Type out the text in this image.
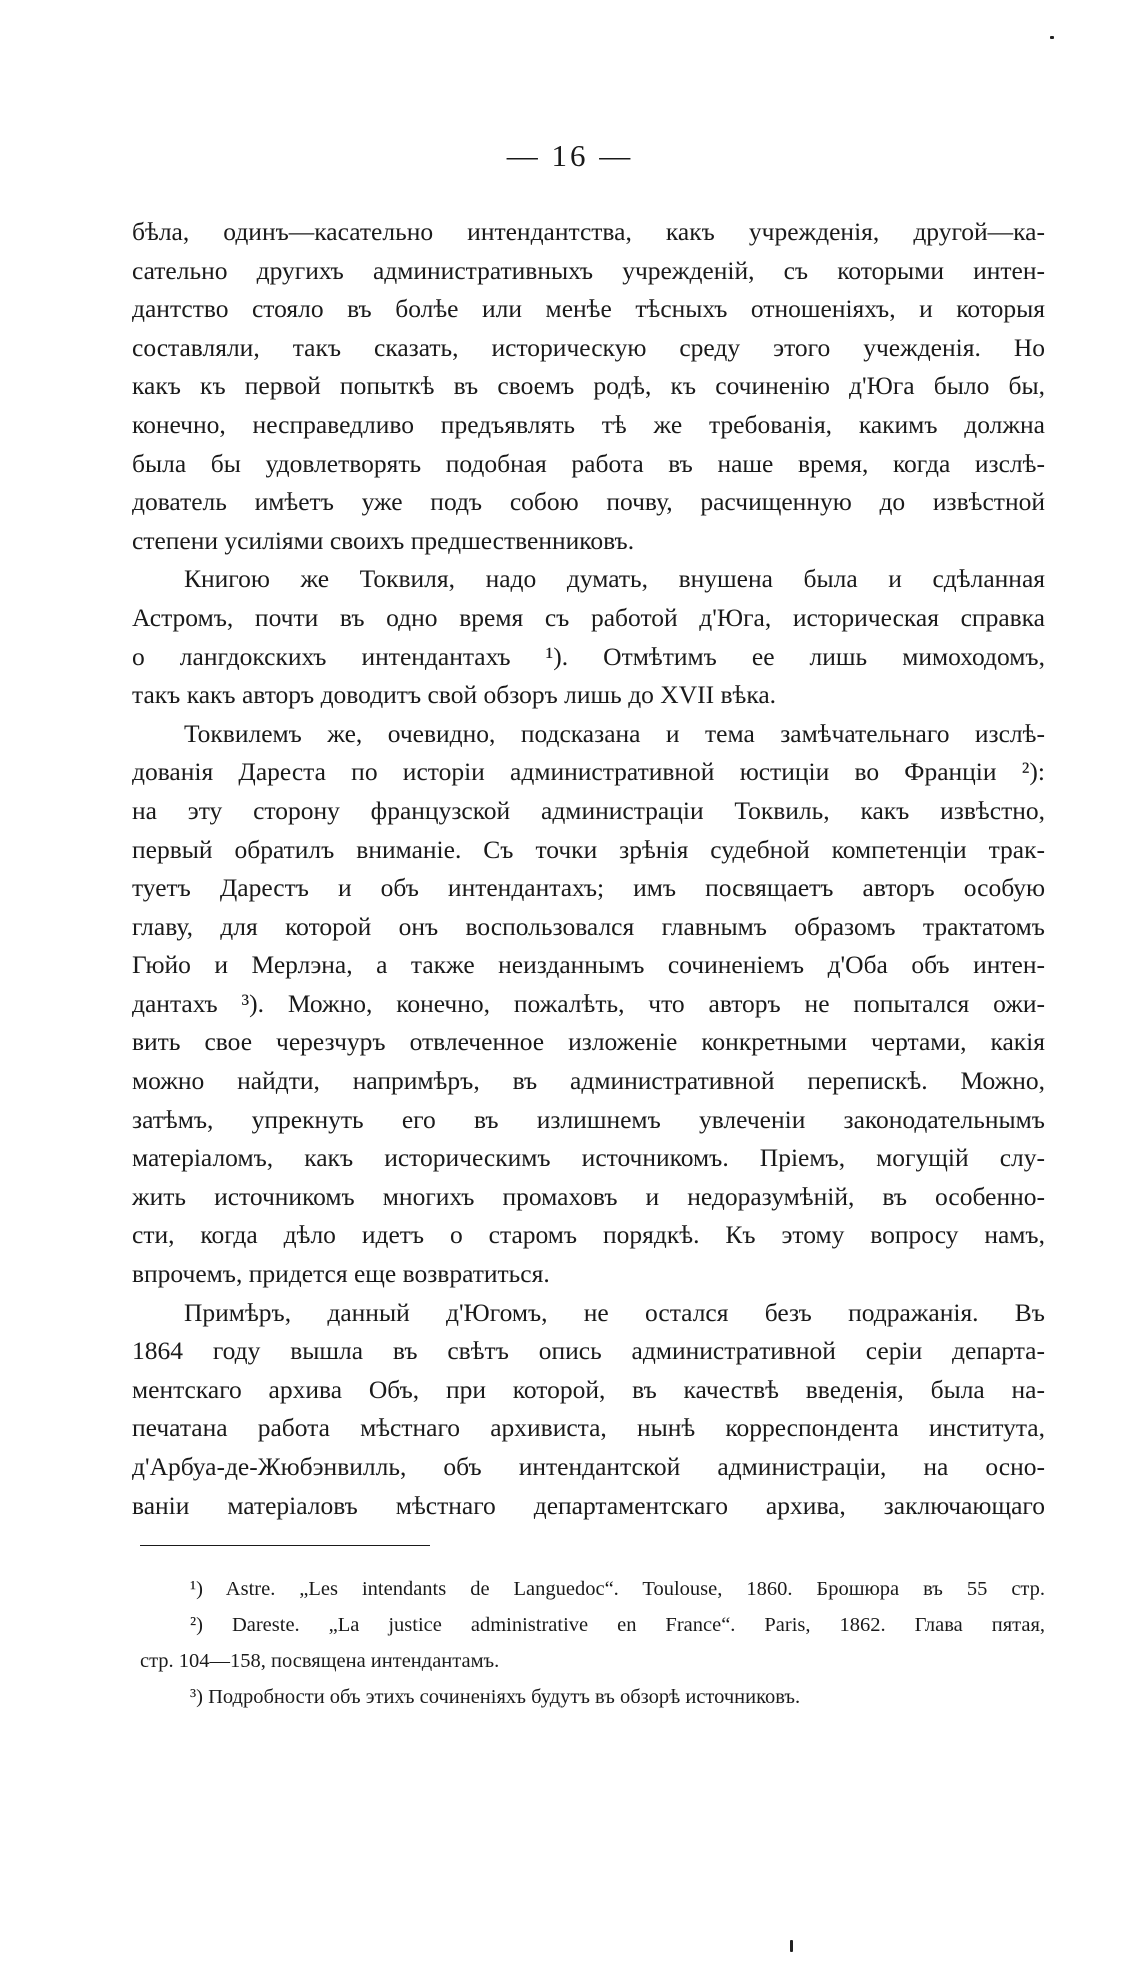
— 16 —
бѣла, одинъ—касательно интендантства, какъ учрежденія, другой—ка-
сательно другихъ административныхъ учрежденій, съ которыми интен-
дантство стояло въ болѣе или менѣе тѣсныхъ отношеніяхъ, и которыя
составляли, такъ сказать, историческую среду этого учежденія. Но
какъ къ первой попыткѣ въ своемъ родѣ, къ сочиненію д'Юга было бы,
конечно, несправедливо предъявлять тѣ же требованія, какимъ должна
была бы удовлетворять подобная работа въ наше время, когда изслѣ-
дователь имѣетъ уже подъ собою почву, расчищенную до извѣстной
степени усиліями своихъ предшественниковъ.
Книгою же Токвиля, надо думать, внушена была и сдѣланная
Астромъ, почти въ одно время съ работой д'Юга, историческая справка
о лангдокскихъ интендантахъ ¹). Отмѣтимъ ее лишь мимоходомъ,
такъ какъ авторъ доводитъ свой обзоръ лишь до XVII вѣка.
Токвилемъ же, очевидно, подсказана и тема замѣчательнаго изслѣ-
дованія Дареста по исторіи административной юстиціи во Франціи ²):
на эту сторону французской администраціи Токвиль, какъ извѣстно,
первый обратилъ вниманіе. Съ точки зрѣнія судебной компетенціи трак-
туетъ Дарестъ и объ интендантахъ; имъ посвящаетъ авторъ особую
главу, для которой онъ воспользовался главнымъ образомъ трактатомъ
Гюйо и Мерлэна, а также неизданнымъ сочиненіемъ д'Оба объ интен-
дантахъ ³). Можно, конечно, пожалѣть, что авторъ не попытался ожи-
вить свое черезчуръ отвлеченное изложеніе конкретными чертами, какія
можно найдти, напримѣръ, въ административной перепискѣ. Можно,
затѣмъ, упрекнуть его въ излишнемъ увлеченіи законодательнымъ
матеріаломъ, какъ историческимъ источникомъ. Пріемъ, могущій слу-
жить источникомъ многихъ промаховъ и недоразумѣній, въ особенно-
сти, когда дѣло идетъ о старомъ порядкѣ. Къ этому вопросу намъ,
впрочемъ, придется еще возвратиться.
Примѣръ, данный д'Югомъ, не остался безъ подражанія. Въ
1864 году вышла въ свѣтъ опись административной серіи департа-
ментскаго архива Объ, при которой, въ качествѣ введенія, была на-
печатана работа мѣстнаго архивиста, нынѣ корреспондента института,
д'Арбуа-де-Жюбэнвилль, объ интендантской администраціи, на осно-
ваніи матеріаловъ мѣстнаго департаментскаго архива, заключающаго
¹) Astre. „Les intendants de Languedoc“. Toulouse, 1860. Брошюра въ 55 стр.
²) Dareste. „La justice administrative en France“. Paris, 1862. Глава пятая,
стр. 104—158, посвящена интендантамъ.
³) Подробности объ этихъ сочиненіяхъ будутъ въ обзорѣ источниковъ.
